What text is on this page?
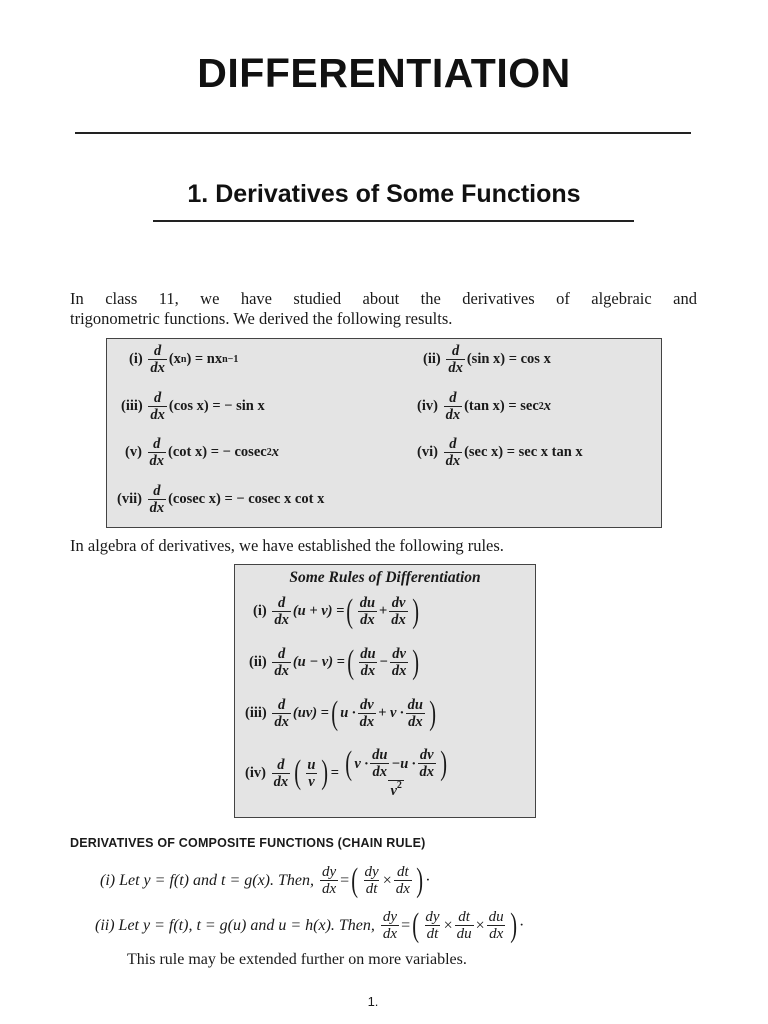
DIFFERENTIATION
1. Derivatives of Some Functions
In class 11, we have studied about the derivatives of algebraic and
trigonometric functions. We derived the following results.
(i)
$\frac{d}{dx} (x$ n ) = nx n−1	(ii)
$\frac{d}{dx} (\sin$ x) = cos x
(iii)
$\frac{d}{dx} (\cos$ x) = − sin x	(iv)
$\frac{d}{dx} (\tan$ x) = sec 2 x
(v)
$\frac{d}{dx} (\cot$ x) = − cosec 2 x	(vi)
$\frac{d}{dx} (\sec$ x) = sec x tan x
(vii)
$\frac{d}{dx} (cosec$ x) = − cosec x cot x
In algebra of derivatives, we have established the following rules.
Some Rules of Differentiation
(i)
$\frac{d}{dx} (u + v)$ = ( $\frac{du}{dx} + \frac{dv}{dx}$ )
(ii)
$\frac{d}{dx} (u - v)$ = ( $\frac{du}{dx} - \frac{dv}{dx}$ )
(iii)
$\frac{d}{dx} (uv)$ = ( $u \cdot \frac{dv}{dx} + v \cdot \frac{du}{dx}$ )
(iv)
$\frac{d}{dx}$ ( $\frac{u}{v}$ ) = ( $v \cdot \frac{du}{dx} -u \cdot \frac{dv}{dx}$ )
$v^2$
DERIVATIVES OF COMPOSITE FUNCTIONS (CHAIN RULE)
(i) Let y = f(t) and t = g(x). Then,
$\frac{dy}{dx}$ = ( $\frac{dy}{dt} \times \frac{dt}{dx}$ ) ·
(ii) Let y = f(t), t = g(u) and u = h(x). Then,
$\frac{dy}{dx}$ = ( $\frac{dy}{dt} \times \frac{dt}{du} \times \frac{du}{dx}$ ) ·
This rule may be extended further on more variables.
1.
